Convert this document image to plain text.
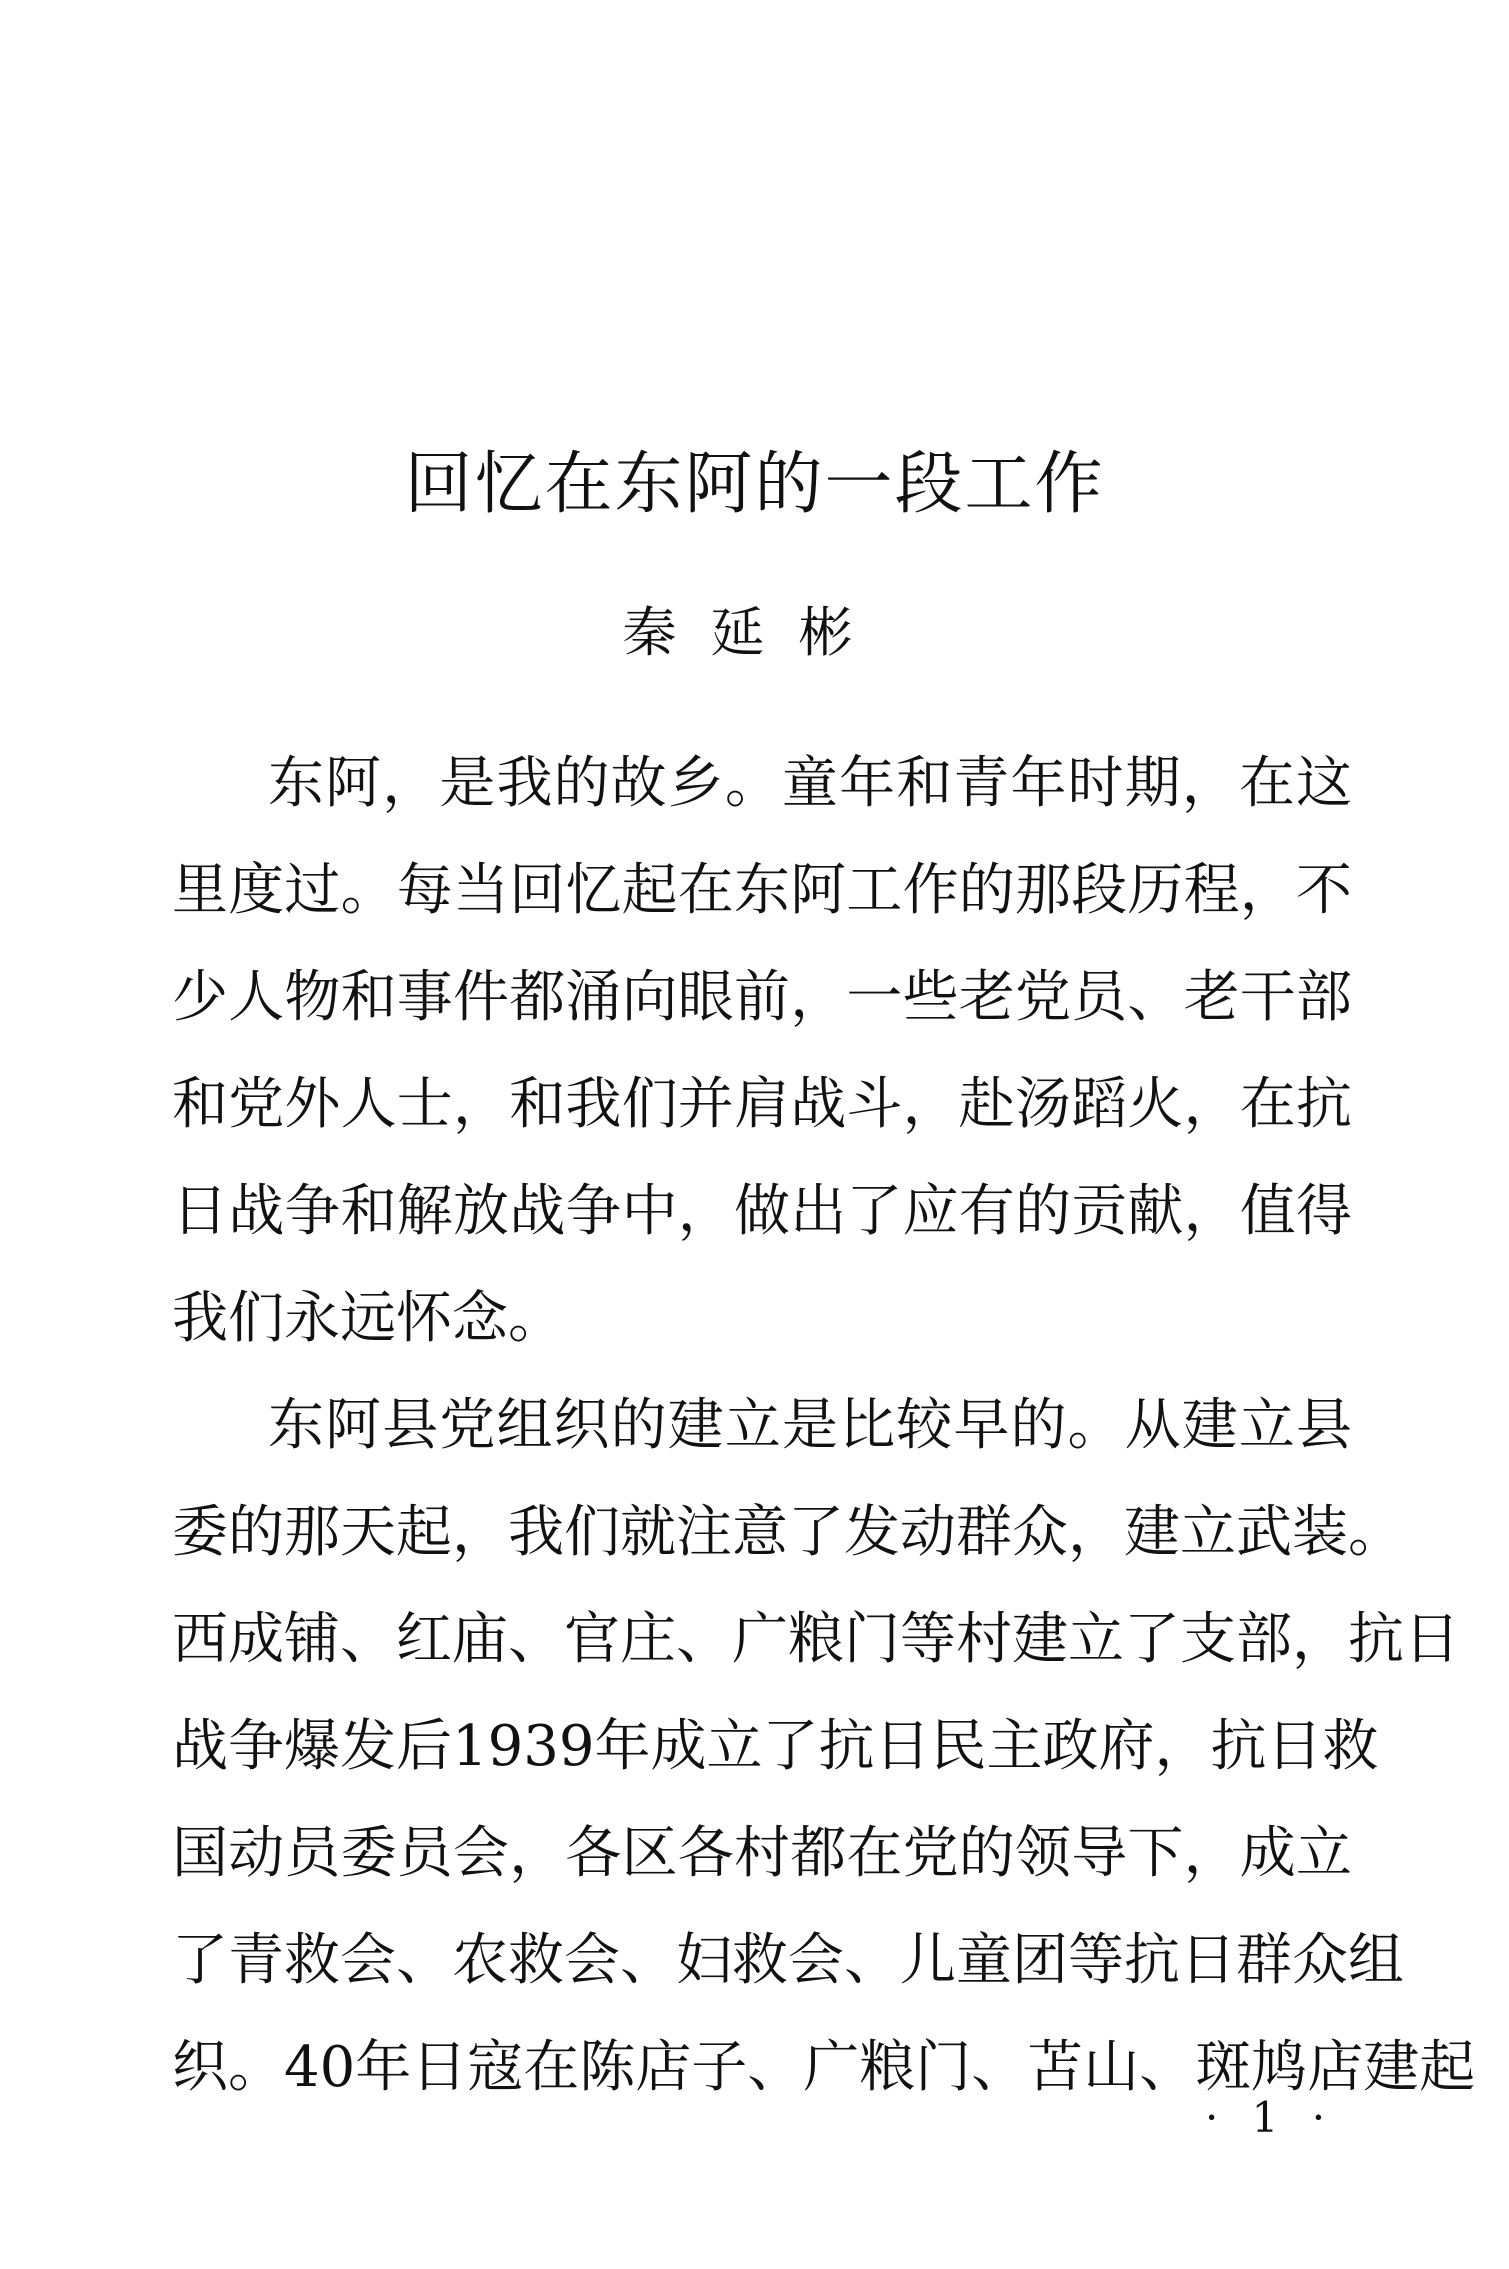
回忆在东阿的一段工作

秦延彬

东阿，是我的故乡。童年和青年时期，在这
里度过。每当回忆起在东阿工作的那段历程，不
少人物和事件都涌向眼前，一些老党员、老干部
和党外人士，和我们并肩战斗，赴汤蹈火，在抗
日战争和解放战争中，做出了应有的贡献，值得
我们永远怀念。
东阿县党组织的建立是比较早的。从建立县
委的那天起，我们就注意了发动群众，建立武装。
西成铺、红庙、官庄、广粮门等村建立了支部，抗日
战争爆发后1939年成立了抗日民主政府，抗日救
国动员委员会，各区各村都在党的领导下，成立
了青救会、农救会、妇救会、儿童团等抗日群众组
织。40年日寇在陈店子、广粮门、苫山、斑鸠店建起

· 1 ·
